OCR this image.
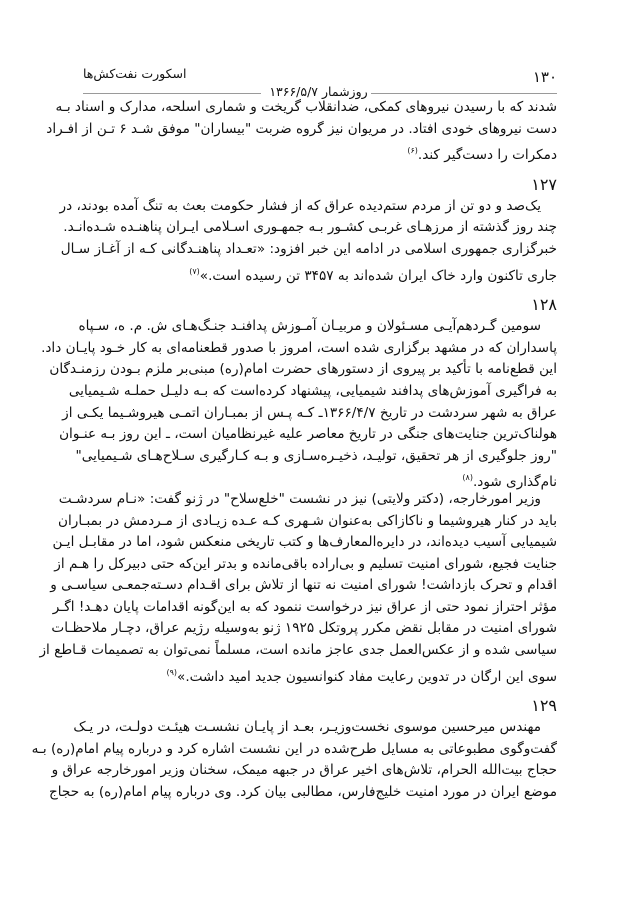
۱۳۰
اسکورت نفت‌کش‌ها
روزشمار ۱۳۶۶/۵/۷
شدند که با رسیدن نیروهای کمکی، ضدانقلاب گریخت و شماری اسلحه، مدارک و اسناد بـه
دست نیروهای خودی افتاد. در مریوان نیز گروه ضربت "بیساران" موفق شـد ۶ تـن از افـراد
دمکرات را دست‌گیر کند.$^{(۶)}$
۱۲۷
یک‌صد و دو تن از مردم ستم‌دیده عراق که از فشار حکومت بعث به تنگ آمده بودند، در
چند روز گذشته از مرزهـای غربـی کشـور بـه جمهـوری اسـلامی ایـران پناهنـده شـده‌انـد.
خبرگزاری جمهوری اسلامی در ادامه این خبر افزود: «تعـداد پناهنـدگانی کـه از آغـاز سـال
جاری تاکنون وارد خاک ایران شده‌اند به ۳۴۵۷ تن رسیده است.»$^{(۷)}$
۱۲۸
سومین گـردهم‌آیـی مسـئولان و مربیـان آمـوزش پدافنـد جنـگ‌هـای ش. م. ه، سـپاه
پاسداران که در مشهد برگزاری شده است، امروز با صدور قطعنامه‌ای به کار خـود پایـان داد.
این قطع‌نامه با تأکید بر پیروی از دستورهای حضرت امام(ره) مبنی‌بر ملزم بـودن رزمنـدگان
به فراگیری آموزش‌های پدافند شیمیایی، پیشنهاد کرده‌است که بـه دلیـل حملـه شـیمیایی
عراق به شهر سردشت در تاریخ ۱۳۶۶/۴/۷ـ کـه پـس از بمبـاران اتمـی هیروشـیما یکـی از
هولناک‌ترین جنایت‌های جنگی در تاریخ معاصر علیه غیرنظامیان است، ـ این روز بـه عنـوان
"روز جلوگیری از هر تحقیق، تولیـد، ذخیـره‌سـازی و بـه کـارگیری سـلاح‌هـای شـیمیایی"
نام‌گذاری شود.$^{(۸)}$
وزیر امورخارجه، (دکتر ولایتی) نیز در نشست "خلع‌سلاح" در ژنو گفت: «نـام سردشـت
باید در کنار هیروشیما و ناکازاکی به‌عنوان شـهری کـه عـده زیـادی از مـردمش در بمبـاران
شیمیایی آسیب دیده‌اند، در دایره‌المعارف‌ها و کتب تاریخی منعکس شود، اما در مقابـل ایـن
جنایت فجیع، شورای امنیت تسلیم و بی‌اراده باقی‌مانده و بدتر این‌که حتی دبیرکل را هـم از
اقدام و تحرک بازداشت! شورای امنیت نه تنها از تلاش برای اقـدام دسـته‌جمعـی سیاسـی و
مؤثر احتراز نمود حتی از عراق نیز درخواست ننمود که به این‌گونه اقدامات پایان دهـد! اگـر
شورای امنیت در مقابل نقض مکرر پروتکل ۱۹۲۵ ژنو به‌وسیله رژیم عراق، دچـار ملاحظـات
سیاسی شده و از عکس‌العمل جدی عاجز مانده است، مسلماً نمی‌توان به تصمیمات قـاطع از
سوی این ارگان در تدوین رعایت مفاد کنوانسیون جدید امید داشت.»$^{(۹)}$
۱۲۹
مهندس میرحسین موسوی نخست‌وزیـر، بعـد از پایـان نشسـت هیئـت دولـت، در یـک
گفت‌وگوی مطبوعاتی به مسایل طرح‌شده در این نشست اشاره کرد و درباره پیام امام(ره) بـه
حجاج بیت‌الله الحرام، تلاش‌های اخیر عراق در جبهه میمک، سخنان وزیر امورخارجه عراق و
موضع ایران در مورد امنیت خلیج‌فارس، مطالبی بیان کرد. وی درباره پیام امام(ره) به حجاج
